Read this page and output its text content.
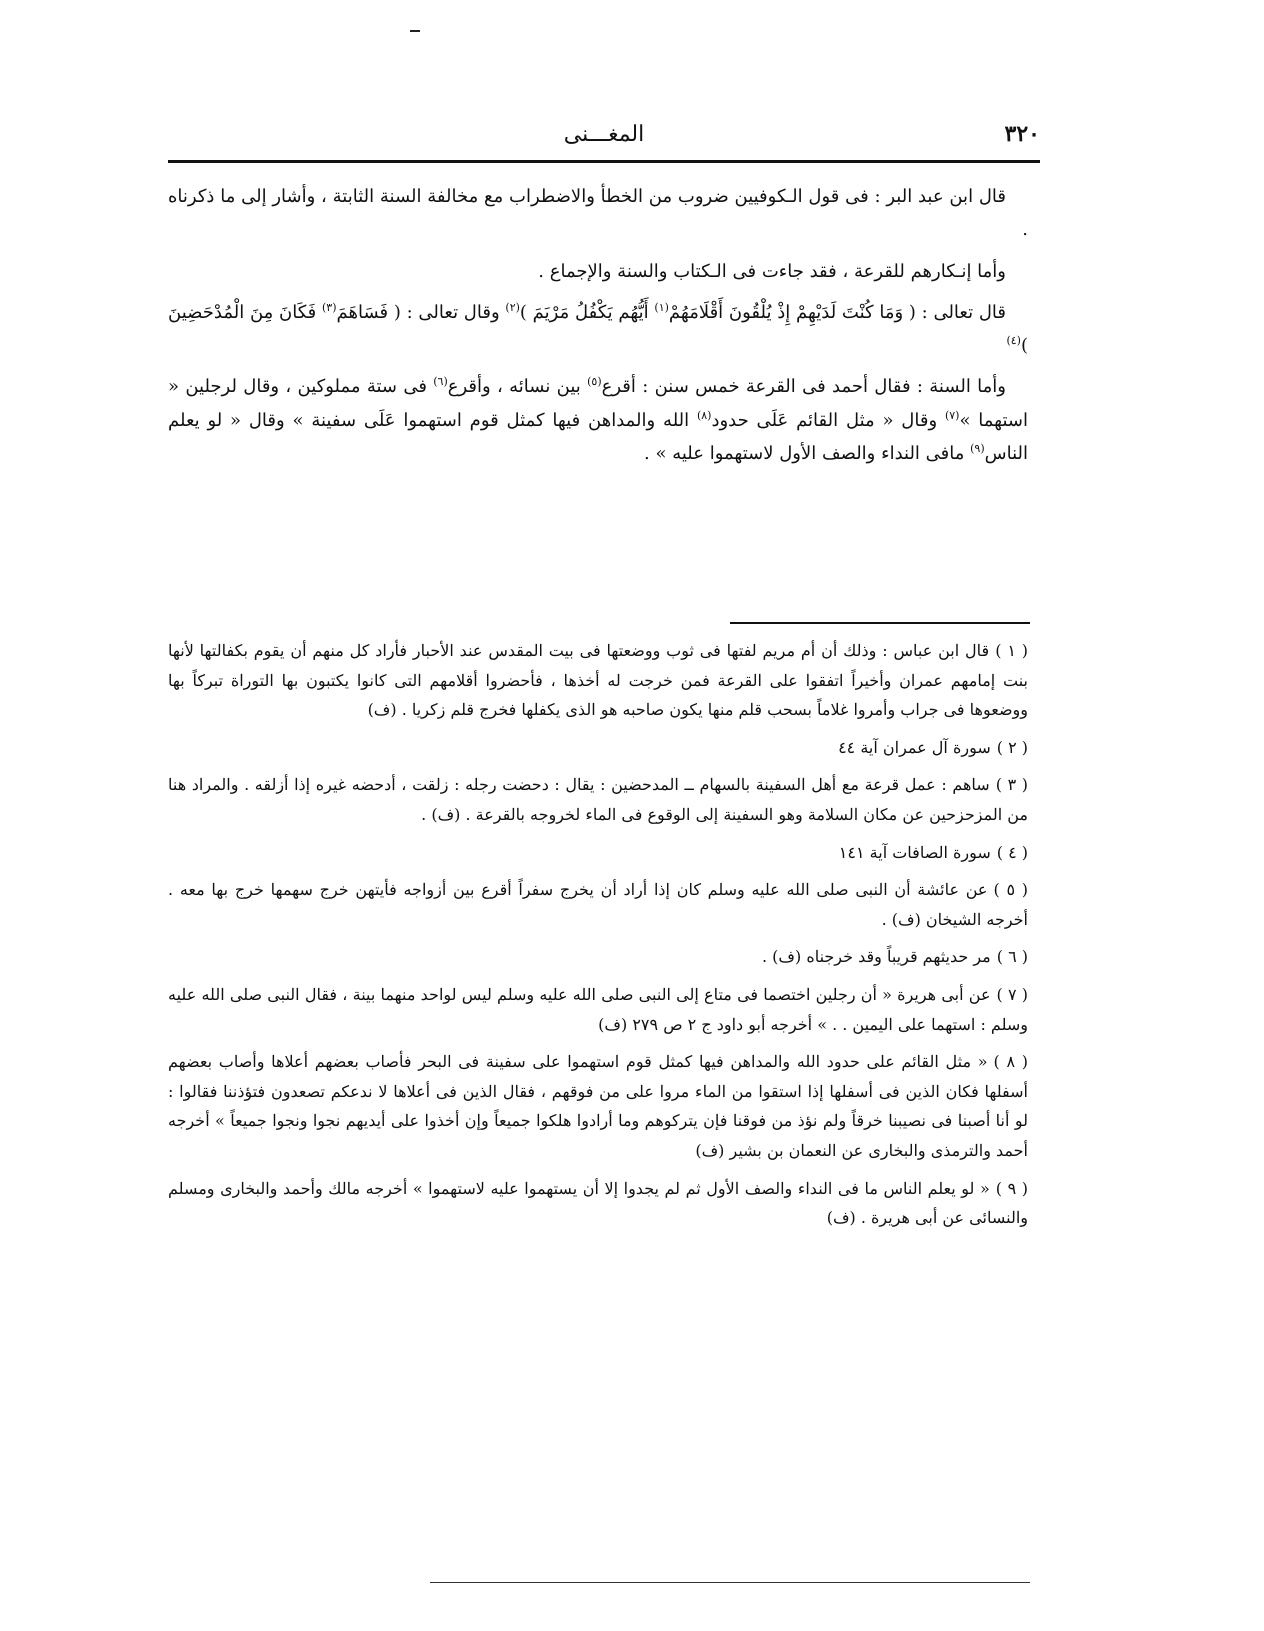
٣٢٠
المغـــنى

قال ابن عبد البر : فى قول الـكوفيين ضروب من الخطأ والاضطراب مع مخالفة السنة الثابتة ، وأشار إلى ما ذكرناه .

وأما إنـكارهم للقرعة ، فقد جاءت فى الـكتاب والسنة والإجماع .

قال تعالى : ( وَمَا كُنْتَ لَدَيْهِمْ إِذْ يُلْقُونَ أَقْلَامَهُمْ$^{(١)}$ أَيُّهُم يَكْفُلُ مَرْيَمَ )$^{(٢)}$ وقال تعالى : ( فَسَاهَمَ$^{(٣)}$ فَكَانَ مِنَ الْمُدْحَضِينَ )$^{(٤)}$

وأما السنة : فقال أحمد فى القرعة خمس سنن : أقرع$^{(٥)}$ بين نسائه ، وأقرع$^{(٦)}$ فى ستة مملوكين ، وقال لرجلين « استهما »$^{(٧)}$ وقال « مثل القائم عَلَى حدود$^{(٨)}$ الله والمداهن فيها كمثل قوم استهموا عَلَى سفينة » وقال « لو يعلم الناس$^{(٩)}$ مافى النداء والصف الأول لاستهموا عليه » .

( ١ )قال ابن عباس : وذلك أن أم مريم لفتها فى ثوب ووضعتها فى بيت المقدس عند الأحبار فأراد كل منهم أن يقوم بكفالتها لأنها بنت إمامهم عمران وأخيراً اتفقوا على القرعة فمن خرجت له أخذها ، فأحضروا أقلامهم التى كانوا يكتبون بها التوراة تبركاً بها ووضعوها فى جراب وأمروا غلاماً بسحب قلم منها يكون صاحبه هو الذى يكفلها فخرج قلم زكريا . (ف)
( ٢ )سورة آل عمران آية ٤٤
( ٣ )ساهم : عمل قرعة مع أهل السفينة بالسهام ــ المدحضين : يقال : دحضت رجله : زلقت ، أدحضه غيره إذا أزلقه . والمراد هنا من المزحزحين عن مكان السلامة وهو السفينة إلى الوقوع فى الماء لخروجه بالقرعة . (ف) .
( ٤ )سورة الصافات آية ١٤١
( ٥ )عن عائشة أن النبى صلى الله عليه وسلم كان إذا أراد أن يخرج سفراً أقرع بين أزواجه فأيتهن خرج سهمها خرج بها معه . أخرجه الشيخان (ف) .
( ٦ )مر حديثهم قريباً وقد خرجناه (ف) .
( ٧ )عن أبى هريرة « أن رجلين اختصما فى متاع إلى النبى صلى الله عليه وسلم ليس لواحد منهما بينة ، فقال النبى صلى الله عليه وسلم : استهما على اليمين . . » أخرجه أبو داود ج ٢ ص ٢٧٩ (ف)
( ٨ )« مثل القائم على حدود الله والمداهن فيها كمثل قوم استهموا على سفينة فى البحر فأصاب بعضهم أعلاها وأصاب بعضهم أسفلها فكان الذين فى أسفلها إذا استقوا من الماء مروا على من فوقهم ، فقال الذين فى أعلاها لا ندعكم تصعدون فتؤذننا فقالوا : لو أنا أصبنا فى نصيبنا خرقاً ولم نؤذ من فوقنا فإن يتركوهم وما أرادوا هلكوا جميعاً وإن أخذوا على أيديهم نجوا ونجوا جميعاً » أخرجه أحمد والترمذى والبخارى عن النعمان بن بشير (ف)
( ٩ )« لو يعلم الناس ما فى النداء والصف الأول ثم لم يجدوا إلا أن يستهموا عليه لاستهموا » أخرجه مالك وأحمد والبخارى ومسلم والنسائى عن أبى هريرة . (ف)
